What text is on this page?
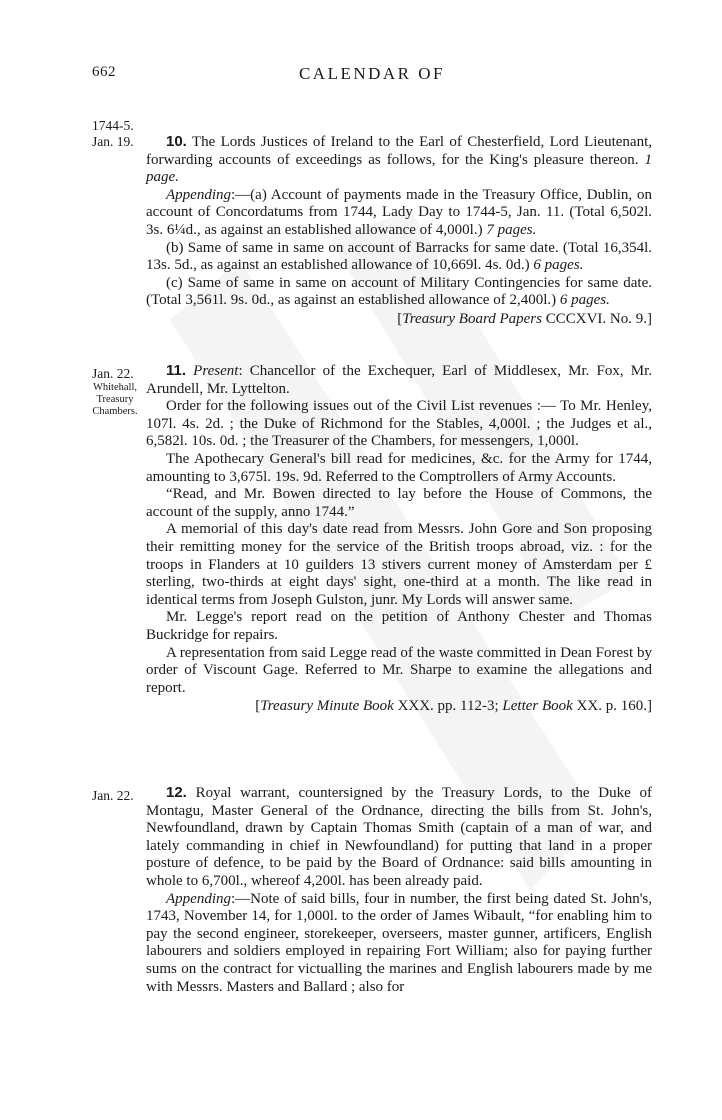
662	CALENDAR OF
1744-5.
Jan. 19.	10. The Lords Justices of Ireland to the Earl of Chesterfield, Lord Lieutenant, forwarding accounts of exceedings as follows, for the King's pleasure thereon. 1 page.

Appending:—(a) Account of payments made in the Treasury Office, Dublin, on account of Concordatums from 1744, Lady Day to 1744-5, Jan. 11. (Total 6,502l. 3s. 6¼d., as against an established allowance of 4,000l.) 7 pages.

(b) Same of same in same on account of Barracks for same date. (Total 16,354l. 13s. 5d., as against an established allowance of 10,669l. 4s. 0d.) 6 pages.

(c) Same of same in same on account of Military Contingencies for same date. (Total 3,561l. 9s. 0d., as against an established allowance of 2,400l.) 6 pages.

[Treasury Board Papers CCCXVI. No. 9.]

Jan. 22.
Whitehall,
Treasury
Chambers.

11. Present: Chancellor of the Exchequer, Earl of Middlesex, Mr. Fox, Mr. Arundell, Mr. Lyttelton.

Order for the following issues out of the Civil List revenues :— To Mr. Henley, 107l. 4s. 2d. ; the Duke of Richmond for the Stables, 4,000l. ; the Judges et al., 6,582l. 10s. 0d. ; the Treasurer of the Chambers, for messengers, 1,000l.

The Apothecary General's bill read for medicines, &c. for the Army for 1744, amounting to 3,675l. 19s. 9d. Referred to the Comptrollers of Army Accounts.

“Read, and Mr. Bowen directed to lay before the House of Commons, the account of the supply, anno 1744.”

A memorial of this day's date read from Messrs. John Gore and Son proposing their remitting money for the service of the British troops abroad, viz. : for the troops in Flanders at 10 guilders 13 stivers current money of Amsterdam per £ sterling, two-thirds at eight days' sight, one-third at a month. The like read in identical terms from Joseph Gulston, junr. My Lords will answer same.

Mr. Legge's report read on the petition of Anthony Chester and Thomas Buckridge for repairs.

A representation from said Legge read of the waste committed in Dean Forest by order of Viscount Gage. Referred to Mr. Sharpe to examine the allegations and report.

[Treasury Minute Book XXX. pp. 112-3; Letter Book XX. p. 160.]

Jan. 22.	12. Royal warrant, countersigned by the Treasury Lords, to the Duke of Montagu, Master General of the Ordnance, directing the bills from St. John's, Newfoundland, drawn by Captain Thomas Smith (captain of a man of war, and lately commanding in chief in Newfoundland) for putting that land in a proper posture of defence, to be paid by the Board of Ordnance: said bills amounting in whole to 6,700l., whereof 4,200l. has been already paid.

Appending:—Note of said bills, four in number, the first being dated St. John's, 1743, November 14, for 1,000l. to the order of James Wibault, “for enabling him to pay the second engineer, storekeeper, overseers, master gunner, artificers, English labourers and soldiers employed in repairing Fort William; also for paying further sums on the contract for victualling the marines and English labourers made by me with Messrs. Masters and Ballard ; also for
